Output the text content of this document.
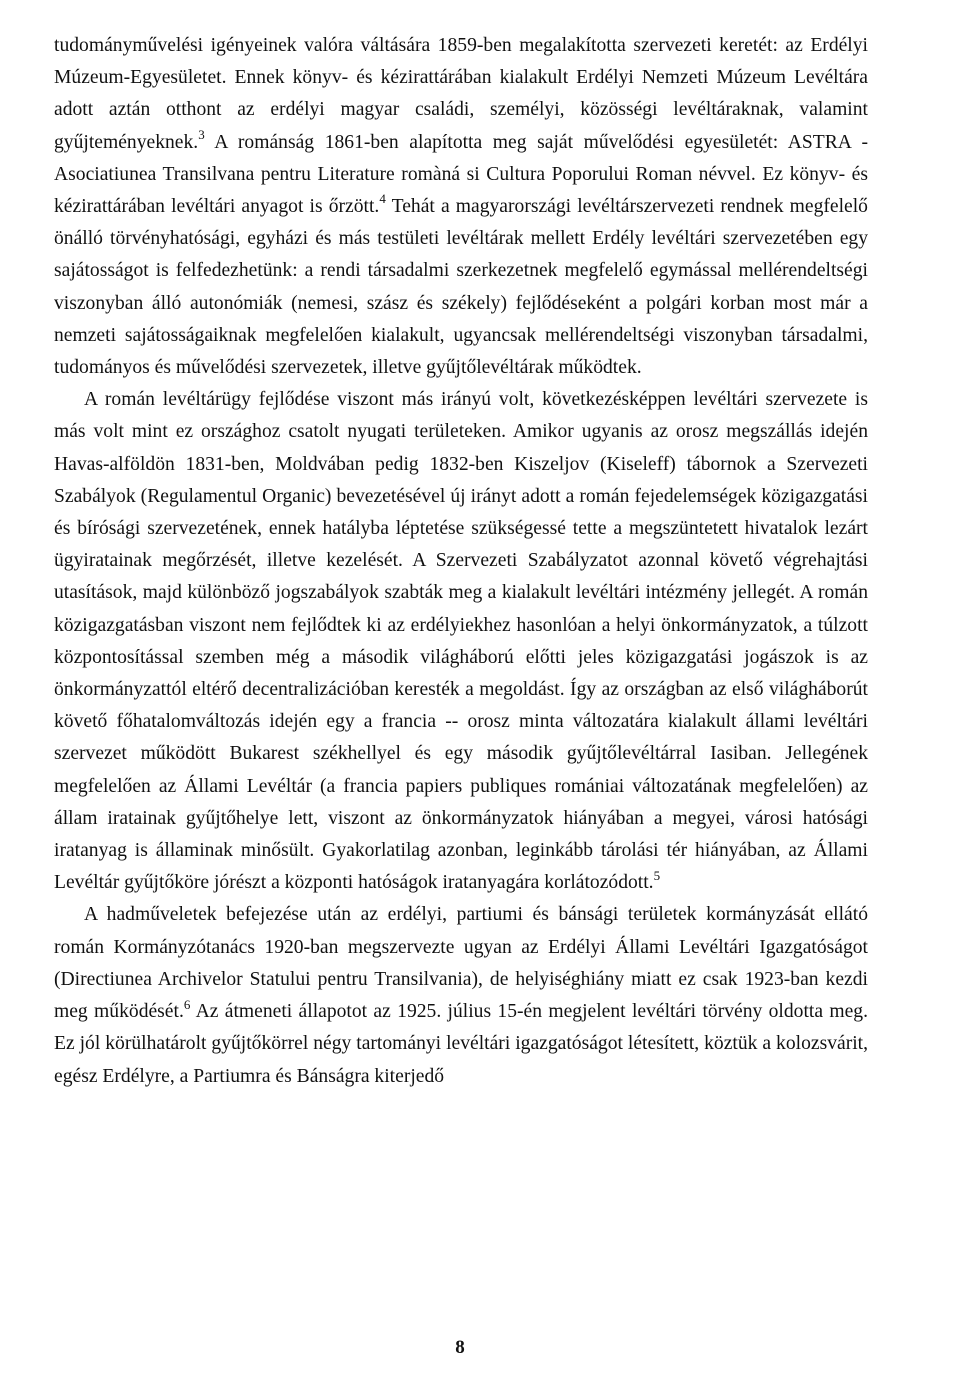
tudományművelési igényeinek valóra váltására 1859-ben megalakította szervezeti keretét: az Erdélyi Múzeum-Egyesületet. Ennek könyv- és kézirattárában kialakult Erdélyi Nemzeti Múzeum Levéltára adott aztán otthont az erdélyi magyar családi, személyi, közösségi levéltáraknak, valamint gyűjteményeknek.$^3$ A románság 1861-ben alapította meg saját művelődési egyesületét: ASTRA - Asociatiunea Transilvana pentru Literature romàná si Cultura Poporului Roman névvel. Ez könyv- és kézirattárában levéltári anyagot is őrzött.$^4$ Tehát a magyarországi levéltárszervezeti rendnek megfelelő önálló törvényhatósági, egyházi és más testületi levéltárak mellett Erdély levéltári szervezetében egy sajátosságot is felfedezhetünk: a rendi társadalmi szerkezetnek megfelelő egymással mellérendeltségi viszonyban álló autonómiák (nemesi, szász és székely) fejlődéseként a polgári korban most már a nemzeti sajátosságaiknak megfelelően kialakult, ugyancsak mellérendeltségi viszonyban társadalmi, tudományos és művelődési szervezetek, illetve gyűjtőlevéltárak működtek.

A román levéltárügy fejlődése viszont más irányú volt, következésképpen levéltári szervezete is más volt mint ez országhoz csatolt nyugati területeken. Amikor ugyanis az orosz megszállás idején Havas-alföldön 1831-ben, Moldvában pedig 1832-ben Kiszeljov (Kiseleff) tábornok a Szervezeti Szabályok (Regulamentul Organic) bevezetésével új irányt adott a román fejedelemségek közigazgatási és bírósági szervezetének, ennek hatályba léptetése szükségessé tette a megszüntetett hivatalok lezárt ügyiratainak megőrzését, illetve kezelését. A Szervezeti Szabályzatot azonnal követő végrehajtási utasítások, majd különböző jogszabályok szabták meg a kialakult levéltári intézmény jellegét. A román közigazgatásban viszont nem fejlődtek ki az erdélyiekhez hasonlóan a helyi önkormányzatok, a túlzott központosítással szemben még a második világháború előtti jeles közigazgatási jogászok is az önkormányzattól eltérő decentralizációban keresték a megoldást. Így az országban az első világháborút követő főhatalomváltozás idején egy a francia -- orosz minta változatára kialakult állami levéltári szervezet működött Bukarest székhellyel és egy második gyűjtőlevéltárral Iasiban. Jellegének megfelelően az Állami Levéltár (a francia papiers publiques romániai változatának megfelelően) az állam iratainak gyűjtőhelye lett, viszont az önkormányzatok hiányában a megyei, városi hatósági iratanyag is államinak minősült. Gyakorlatilag azonban, leginkább tárolási tér hiányában, az Állami Levéltár gyűjtőköre jórészt a központi hatóságok iratanyagára korlátozódott.$^5$

A hadműveletek befejezése után az erdélyi, partiumi és bánsági területek kormányzását ellátó román Kormányzótanács 1920-ban megszervezte ugyan az Erdélyi Állami Levéltári Igazgatóságot (Directiunea Archivelor Statului pentru Transilvania), de helyiséghiány miatt ez csak 1923-ban kezdi meg működését.$^6$ Az átmeneti állapotot az 1925. július 15-én megjelent levéltári törvény oldotta meg. Ez jól körülhatárolt gyűjtőkörrel négy tartományi levéltári igazgatóságot létesített, köztük a kolozsvárit, egész Erdélyre, a Partiumra és Bánságra kiterjedő

8
